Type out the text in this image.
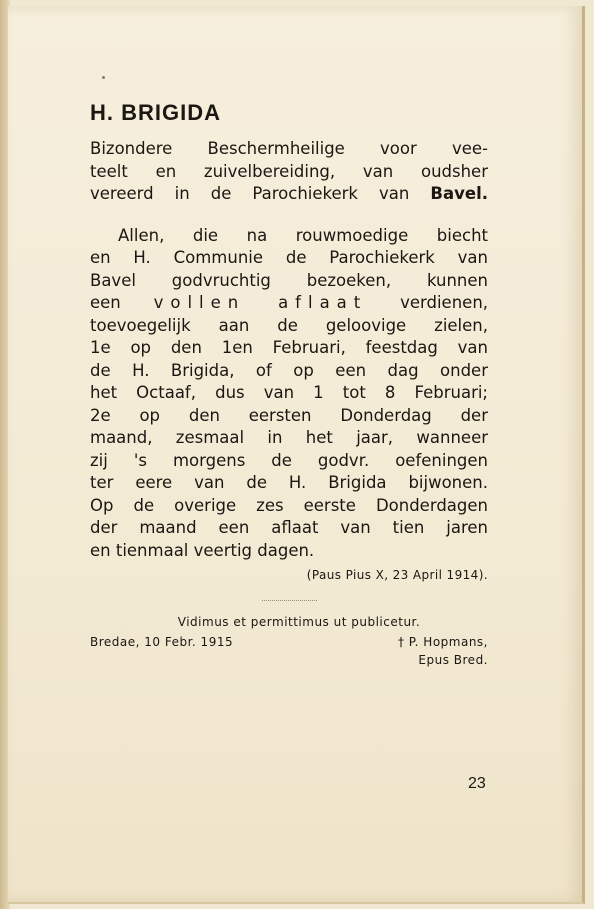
H. BRIGIDA
Bizondere Beschermheilige voor vee-
teelt en zuivelbereiding, van oudsher
vereerd in de Parochiekerk van Bavel.
Allen, die na rouwmoedige biecht
en H. Communie de Parochiekerk van
Bavel godvruchtig bezoeken, kunnen
een vollen aflaat verdienen,
toevoegelijk aan de geloovige zielen,
1e op den 1en Februari, feestdag van
de H. Brigida, of op een dag onder
het Octaaf, dus van 1 tot 8 Februari;
2e op den eersten Donderdag der
maand, zesmaal in het jaar, wanneer
zij 's morgens de godvr. oefeningen
ter eere van de H. Brigida bijwonen.
Op de overige zes eerste Donderdagen
der maand een aflaat van tien jaren
en tienmaal veertig dagen.
(Paus Pius X, 23 April 1914).
Vidimus et permittimus ut publicetur.
Bredae, 10 Febr. 1915	† P. Hopmans,
Epus Bred.
23
